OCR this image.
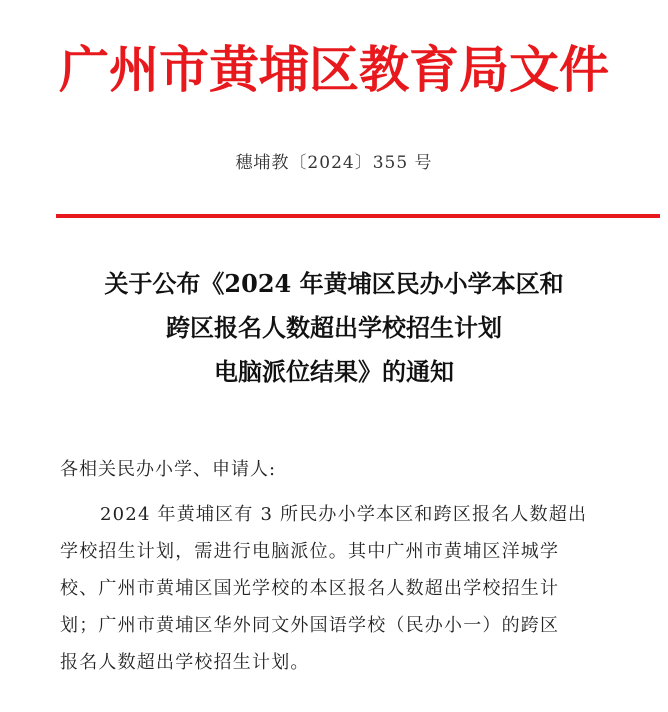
广州市黄埔区教育局文件
穗埔教〔2024〕355 号
关于公布《2024 年黄埔区民办小学本区和
跨区报名人数超出学校招生计划
电脑派位结果》的通知
各相关民办小学、申请人:
2024 年黄埔区有 3 所民办小学本区和跨区报名人数超出
学校招生计划，需进行电脑派位。其中广州市黄埔区洋城学
校、广州市黄埔区国光学校的本区报名人数超出学校招生计
划；广州市黄埔区华外同文外国语学校（民办小一）的跨区
报名人数超出学校招生计划。
